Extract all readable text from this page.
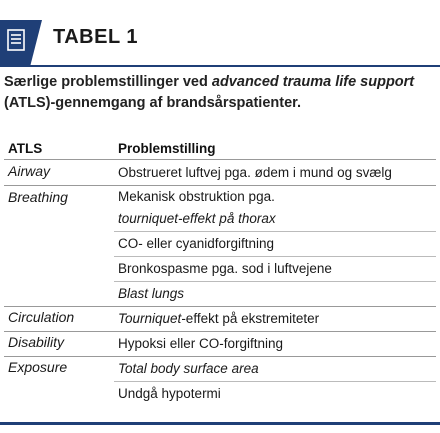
TABEL 1
Særlige problemstillinger ved advanced trauma life support (ATLS)-gennemgang af brandsårspatienter.
ATLS	Problemstilling
Airway	Obstrueret luftvej pga. ødem i mund og svælg
Breathing	Mekanisk obstruktion pga.
tourniquet-effekt på thorax
CO- eller cyanidforgiftning
Bronkospasme pga. sod i luftvejene
Blast lungs
Circulation	Tourniquet-effekt på ekstremiteter
Disability	Hypoksi eller CO-forgiftning
Exposure	Total body surface area
Undgå hypotermi
